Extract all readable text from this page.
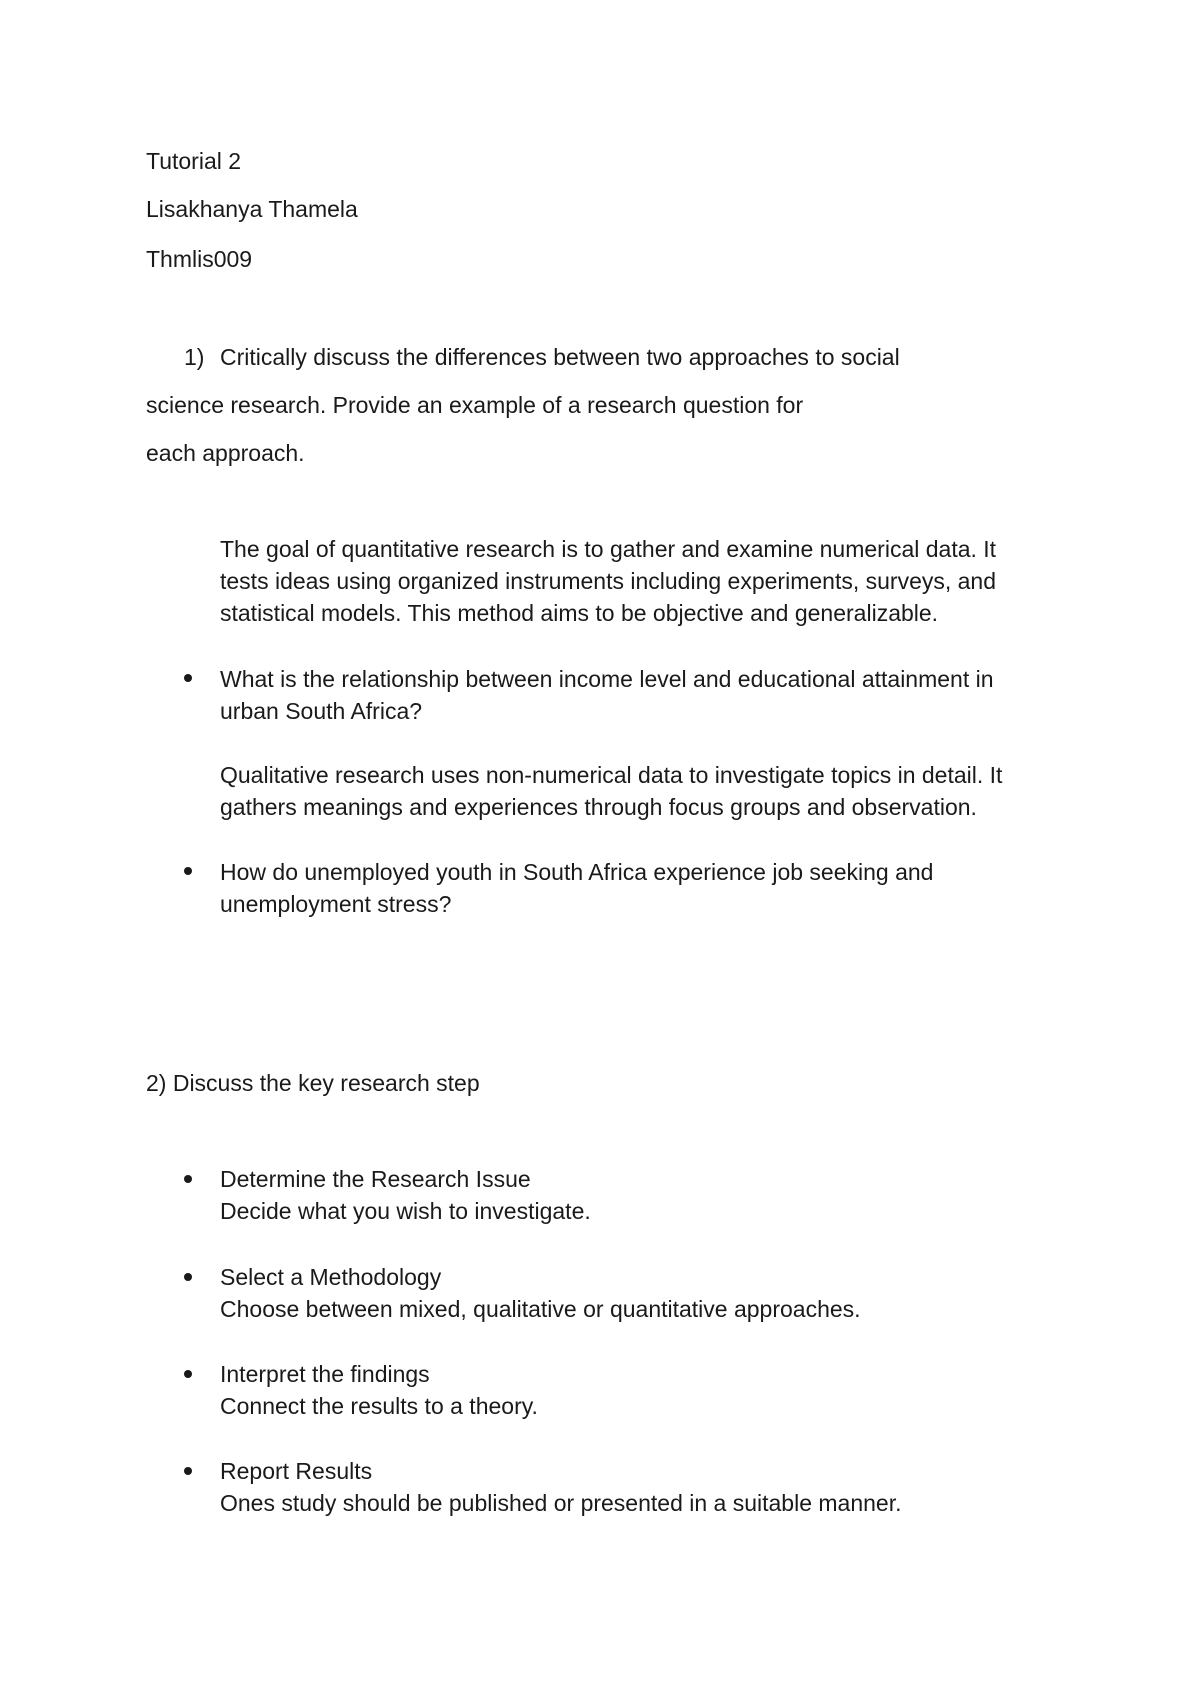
Tutorial 2
Lisakhanya Thamela
Thmlis009
1) Critically discuss the differences between two approaches to social
science research. Provide an example of a research question for
each approach.
The goal of quantitative research is to gather and examine numerical data. It
tests ideas using organized instruments including experiments, surveys, and
statistical models. This method aims to be objective and generalizable.
What is the relationship between income level and educational attainment in
urban South Africa?
Qualitative research uses non-numerical data to investigate topics in detail. It
gathers meanings and experiences through focus groups and observation.
How do unemployed youth in South Africa experience job seeking and
unemployment stress?
2) Discuss the key research step
Determine the Research Issue
Decide what you wish to investigate.
Select a Methodology
Choose between mixed, qualitative or quantitative approaches.
Interpret the findings
Connect the results to a theory.
Report Results
Ones study should be published or presented in a suitable manner.
